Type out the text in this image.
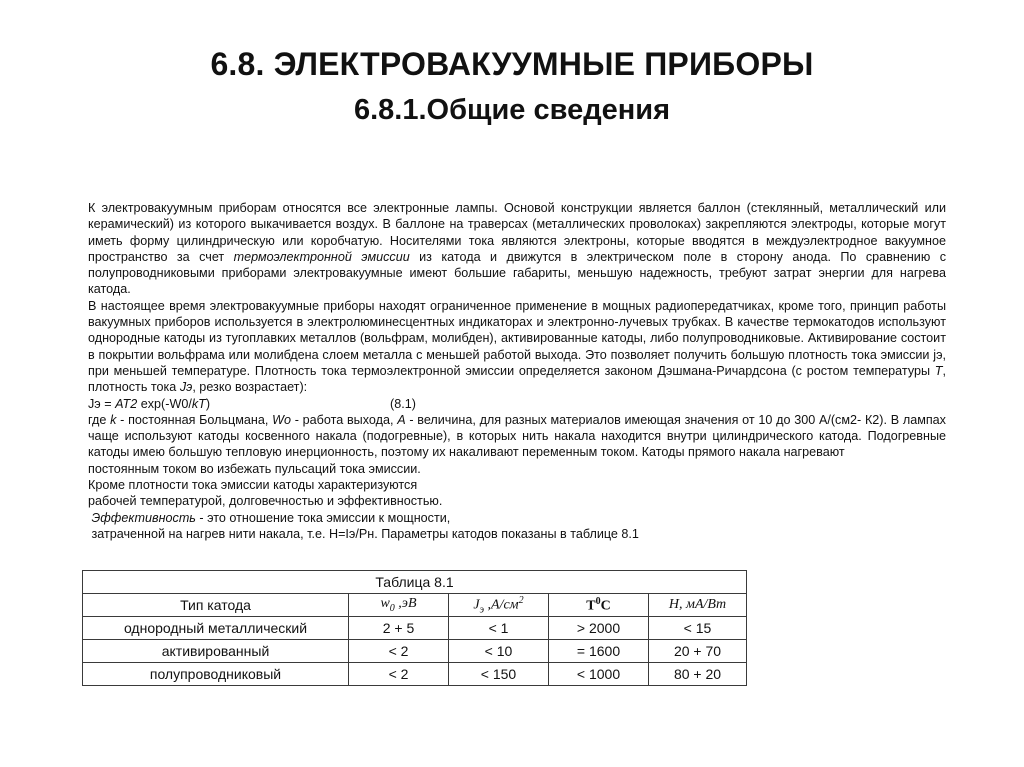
6.8. ЭЛЕКТРОВАКУУМНЫЕ ПРИБОРЫ
6.8.1.Общие сведения

К электровакуумным приборам относятся все электронные лампы. Основой конструкции является баллон (стеклянный, металлический или керамический) из которого выкачивается воздух. В баллоне на траверсах (металлических проволоках) закрепляются электроды, которые могут иметь форму цилиндрическую или коробчатую. Носителями тока являются электроны, которые вводятся в междуэлектродное вакуумное пространство за счет термоэлектронной эмиссии из катода и движутся в электрическом поле в сторону анода. По сравнению с полупроводниковыми приборами электровакуумные имеют большие габариты, меньшую надежность, требуют затрат энергии для нагрева катода.

В настоящее время электровакуумные приборы находят ограниченное применение в мощных радиопередатчиках, кроме того, принцип работы вакуумных приборов используется в электролюминесцентных индикаторах и электронно-лучевых трубках. В качестве термокатодов используют однородные катоды из тугоплавких металлов (вольфрам, молибден), активированные катоды, либо полупроводниковые. Активирование состоит в покрытии вольфрама или молибдена слоем металла с меньшей работой выхода. Это позволяет получить большую плотность тока эмиссии jэ, при меньшей температуре. Плотность тока термоэлектронной эмиссии определяется законом Дэшмана-Ричардсона (с ростом температуры T, плотность тока Jэ, резко возрастает):

Jэ = AT2 exp(-W0/kT)	(8.1)

где k - постоянная Больцмана, Wo - работа выхода, A - величина, для разных материалов имеющая значения от 10 до 300 А/(см2- К2). В лампах чаще используют катоды косвенного накала (подогревные), в которых нить накала находится внутри цилиндрического катода. Подогревные катоды имею большую тепловую инерционность, поэтому их накаливают переменным током. Катоды прямого накала нагревают

постоянным током во избежать пульсаций тока эмиссии.
Кроме плотности тока эмиссии катоды характеризуются
рабочей температурой, долговечностью и эффективностью.
Эффективность - это отношение тока эмиссии к мощности,
затраченной на нагрев нити накала, т.е. H=Iэ/Pн. Параметры катодов показаны в таблице 8.1
Таблица 8.1				
Тип катода	$w_0$ ,эВ	$J_э$ $,A/см^2$	$T^0C$	H, мA/Bт
однородный металлический	2 + 5	< 1	> 2000	< 15
активированный	< 2	< 10	= 1600	20 + 70
полупроводниковый	< 2	< 150	< 1000	80 + 20
